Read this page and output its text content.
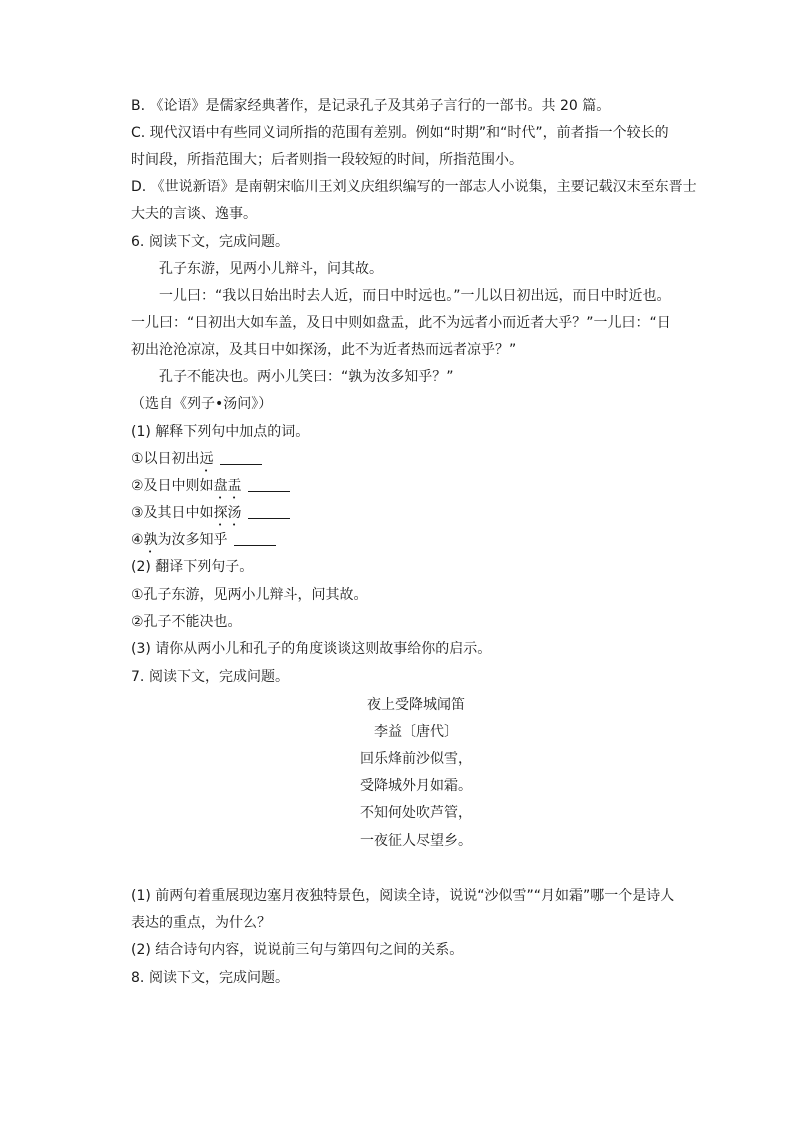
B. 《论语》是儒家经典著作，是记录孔子及其弟子言行的一部书。共 20 篇。
C. 现代汉语中有些同义词所指的范围有差别。例如“时期”和“时代”，前者指一个较长的
时间段，所指范围大；后者则指一段较短的时间，所指范围小。
D. 《世说新语》是南朝宋临川王刘义庆组织编写的一部志人小说集，主要记载汉末至东晋士
大夫的言谈、逸事。
6. 阅读下文，完成问题。
孔子东游，见两小儿辩斗，问其故。
一儿曰：“我以日始出时去人近，而日中时远也。”一儿以日初出远，而日中时近也。
一儿曰：“日初出大如车盖，及日中则如盘盂，此不为远者小而近者大乎？”一儿曰：“日
初出沧沧凉凉，及其日中如探汤，此不为近者热而远者凉乎？”
孔子不能决也。两小儿笑曰：“孰为汝多知乎？”
（选自《列子•汤问》）
(1) 解释下列句中加点的词。
①以日初出远
②及日中则如盘盂
③及其日中如探汤
④孰为汝多知乎
(2) 翻译下列句子。
①孔子东游，见两小儿辩斗，问其故。
②孔子不能决也。
(3) 请你从两小儿和孔子的角度谈谈这则故事给你的启示。
7. 阅读下文，完成问题。
夜上受降城闻笛
李益〔唐代〕
回乐烽前沙似雪，
受降城外月如霜。
不知何处吹芦管，
一夜征人尽望乡。
(1) 前两句着重展现边塞月夜独特景色，阅读全诗，说说“沙似雪”“月如霜”哪一个是诗人
表达的重点，为什么？
(2) 结合诗句内容，说说前三句与第四句之间的关系。
8. 阅读下文，完成问题。
